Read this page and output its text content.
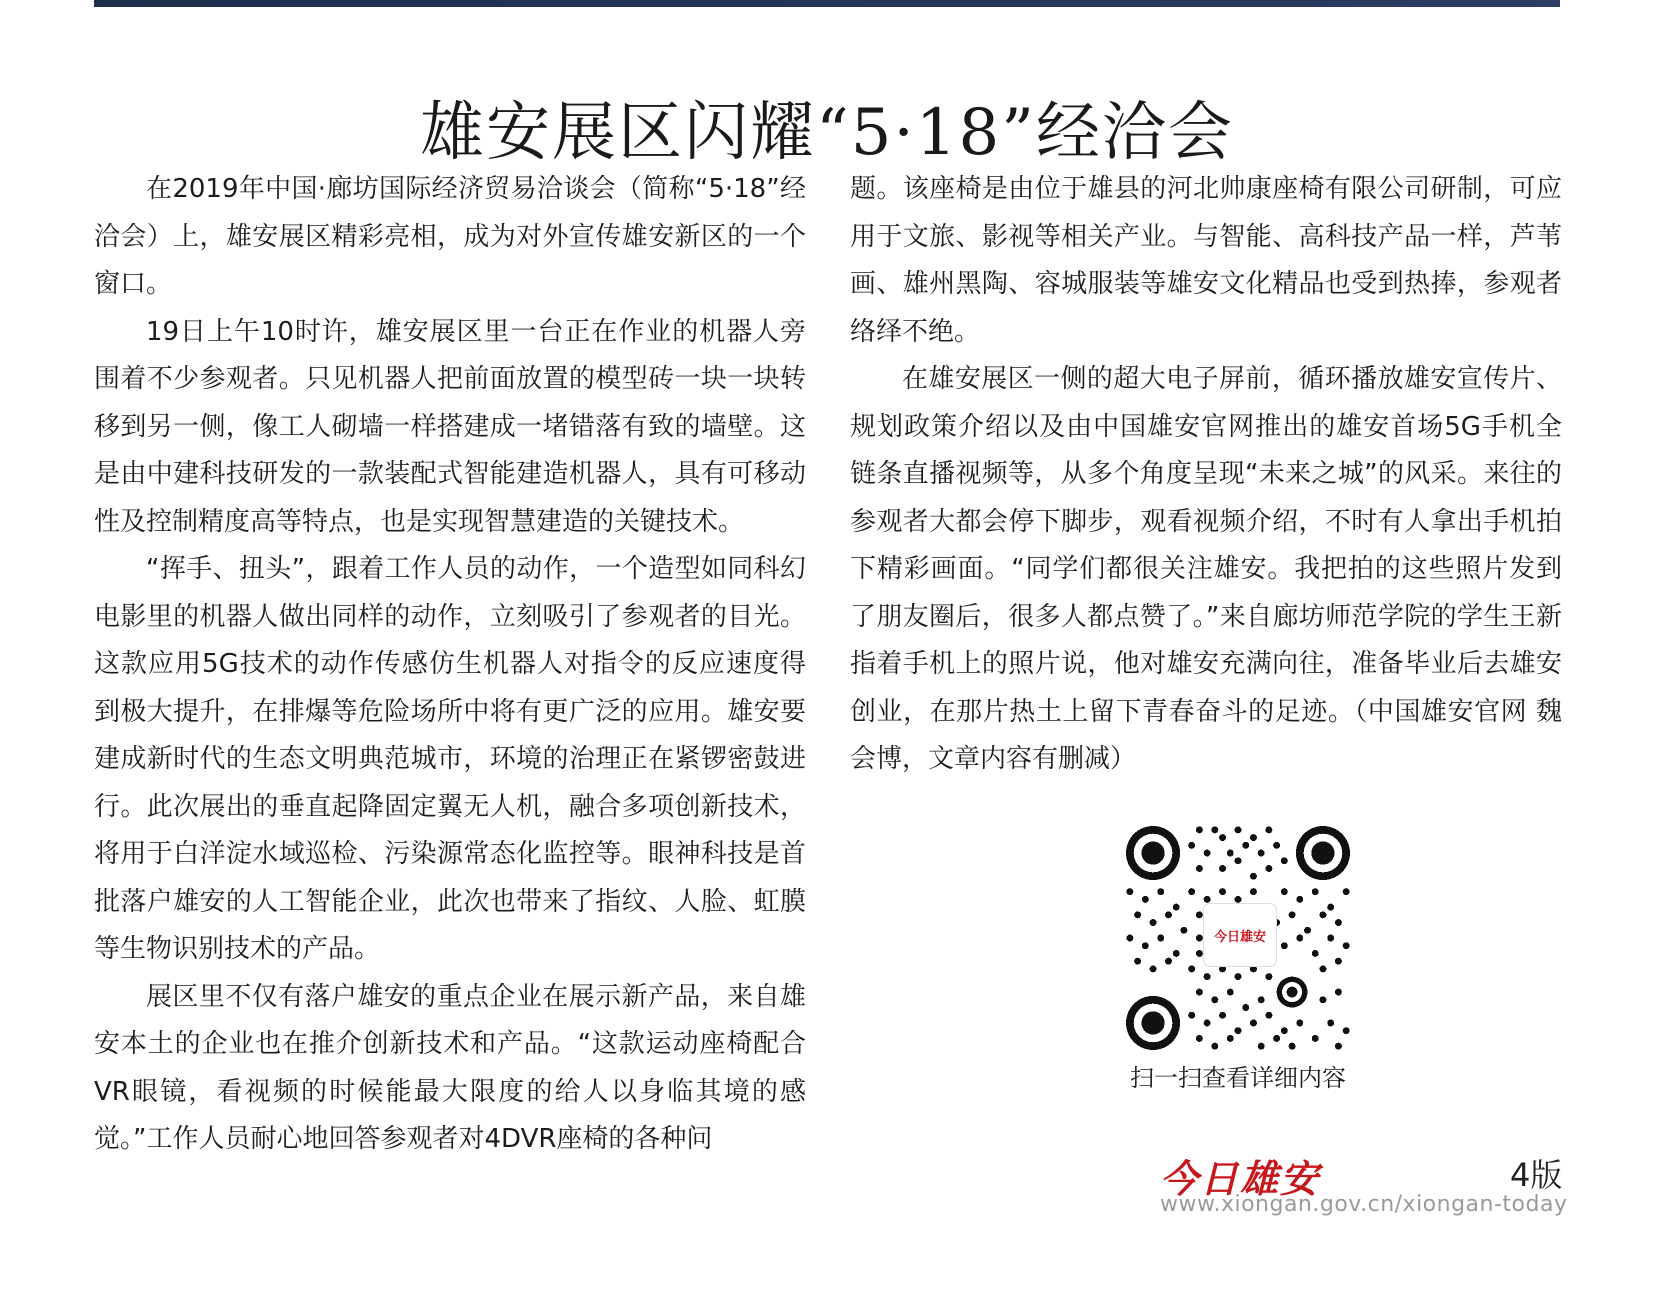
雄安展区闪耀“5·18”经洽会

在2019年中国·廊坊国际经济贸易洽谈会（简称“5·18”经洽会）上，雄安展区精彩亮相，成为对外宣传雄安新区的一个窗口。

19日上午10时许，雄安展区里一台正在作业的机器人旁围着不少参观者。只见机器人把前面放置的模型砖一块一块转移到另一侧，像工人砌墙一样搭建成一堵错落有致的墙壁。这是由中建科技研发的一款装配式智能建造机器人，具有可移动性及控制精度高等特点，也是实现智慧建造的关键技术。

“挥手、扭头”，跟着工作人员的动作，一个造型如同科幻电影里的机器人做出同样的动作，立刻吸引了参观者的目光。这款应用5G技术的动作传感仿生机器人对指令的反应速度得到极大提升，在排爆等危险场所中将有更广泛的应用。雄安要建成新时代的生态文明典范城市，环境的治理正在紧锣密鼓进行。此次展出的垂直起降固定翼无人机，融合多项创新技术，将用于白洋淀水域巡检、污染源常态化监控等。眼神科技是首批落户雄安的人工智能企业，此次也带来了指纹、人脸、虹膜等生物识别技术的产品。

展区里不仅有落户雄安的重点企业在展示新产品，来自雄安本土的企业也在推介创新技术和产品。“这款运动座椅配合VR眼镜，看视频的时候能最大限度的给人以身临其境的感觉。”工作人员耐心地回答参观者对4DVR座椅的各种问

题。该座椅是由位于雄县的河北帅康座椅有限公司研制，可应用于文旅、影视等相关产业。与智能、高科技产品一样，芦苇画、雄州黑陶、容城服装等雄安文化精品也受到热捧，参观者络绎不绝。

在雄安展区一侧的超大电子屏前，循环播放雄安宣传片、规划政策介绍以及由中国雄安官网推出的雄安首场5G手机全链条直播视频等，从多个角度呈现“未来之城”的风采。来往的参观者大都会停下脚步，观看视频介绍，不时有人拿出手机拍下精彩画面。“同学们都很关注雄安。我把拍的这些照片发到了朋友圈后，很多人都点赞了。”来自廊坊师范学院的学生王新指着手机上的照片说，他对雄安充满向往，准备毕业后去雄安创业，在那片热土上留下青春奋斗的足迹。（中国雄安官网 魏会博，文章内容有删减）

今日雄安
扫一扫查看详细内容
今日雄安	4版
www.xiongan.gov.cn/xiongan-today
